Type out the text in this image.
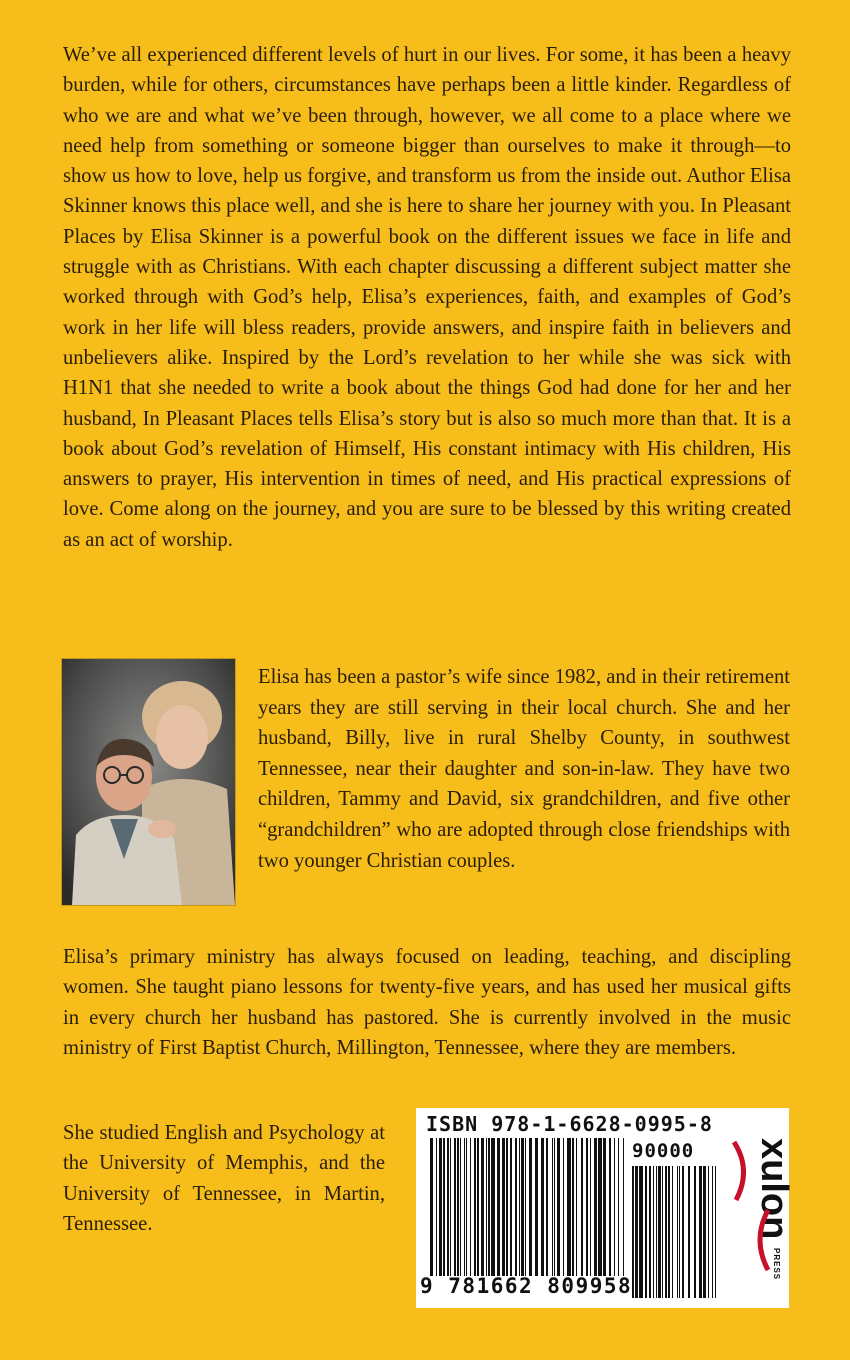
We’ve all experienced different levels of hurt in our lives. For some, it has been a heavy burden, while for others, circumstances have perhaps been a little kinder. Regardless of who we are and what we’ve been through, however, we all come to a place where we need help from something or someone bigger than ourselves to make it through—to show us how to love, help us forgive, and transform us from the inside out. Author Elisa Skinner knows this place well, and she is here to share her journey with you. In Pleasant Places by Elisa Skinner is a powerful book on the different issues we face in life and struggle with as Christians. With each chapter discussing a different subject matter she worked through with God’s help, Elisa’s experiences, faith, and examples of God’s work in her life will bless readers, provide answers, and inspire faith in believers and unbelievers alike. Inspired by the Lord’s revelation to her while she was sick with H1N1 that she needed to write a book about the things God had done for her and her husband, In Pleasant Places tells Elisa’s story but is also so much more than that. It is a book about God’s revelation of Himself, His constant intimacy with His children, His answers to prayer, His intervention in times of need, and His practical expressions of love. Come along on the journey, and you are sure to be blessed by this writing created as an act of worship.

Elisa has been a pastor’s wife since 1982, and in their retirement years they are still serving in their local church. She and her husband, Billy, live in rural Shelby County, in southwest Tennessee, near their daughter and son-in-law. They have two children, Tammy and David, six grandchildren, and five other “grandchildren” who are adopted through close friendships with two younger Christian couples.

Elisa’s primary ministry has always focused on leading, teaching, and discipling women. She taught piano lessons for twenty-five years, and has used her musical gifts in every church her husband has pastored. She is currently involved in the music ministry of First Baptist Church, Millington, Tennessee, where they are members.

She studied English and Psychology at the University of Memphis, and the University of Tennessee, in Martin, Tennessee.

ISBN 978-1-6628-0995-8
90000
9 781662 809958
xulon
PRESS
